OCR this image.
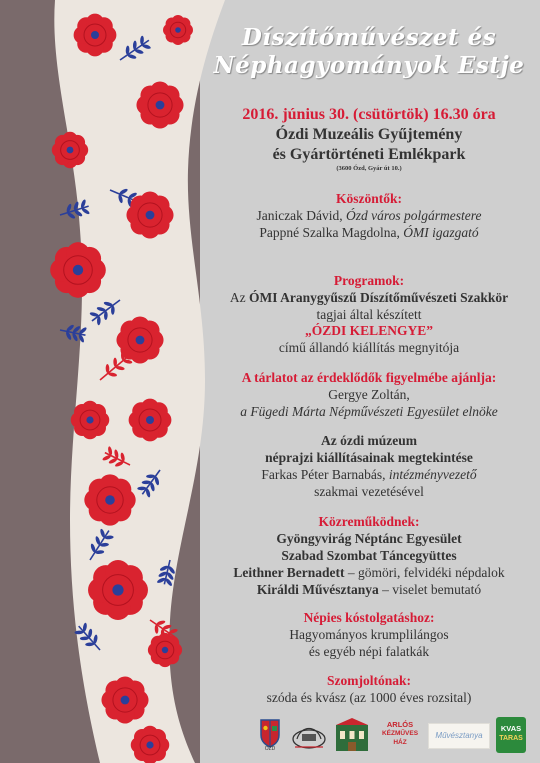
Díszítőművészet és
Néphagyományok Estje
2016. június 30. (csütörtök) 16.30 óra
Ózdi Muzeális Gyűjtemény
és Gyártörténeti Emlékpark
(3600 Ózd, Gyár út 10.)
Köszöntők:
Janiczak Dávid, Ózd város polgármestere
Pappné Szalka Magdolna, ÓMI igazgató
Programok:
Az ÓMI Aranygyűszű Díszítőművészeti Szakkör
tagjai által készített
„ÓZDI KELENGYE”
című állandó kiállítás megnyitója
A tárlatot az érdeklődők figyelmébe ajánlja:
Gergye Zoltán,
a Fügedi Márta Népművészeti Egyesület elnöke
Az ózdi múzeum
néprajzi kiállításainak megtekintése
Farkas Péter Barnabás, intézményvezető
szakmai vezetésével
Közreműködnek:
Gyöngyvirág Néptánc Egyesület
Szabad Szombat Táncegyüttes
Leithner Bernadett – gömöri, felvidéki népdalok
Királdi Művésztanya – viselet bemutató
Népies kóstolgatáshoz:
Hagyományos krumplilángos
és egyéb népi falatkák
Szomjoltónak:
szóda és kvász (az 1000 éves rozsital)
ÓZD
ARLÓS
KÉZMŰVES
HÁZ
Művésztanya
KVAS
TARAS
